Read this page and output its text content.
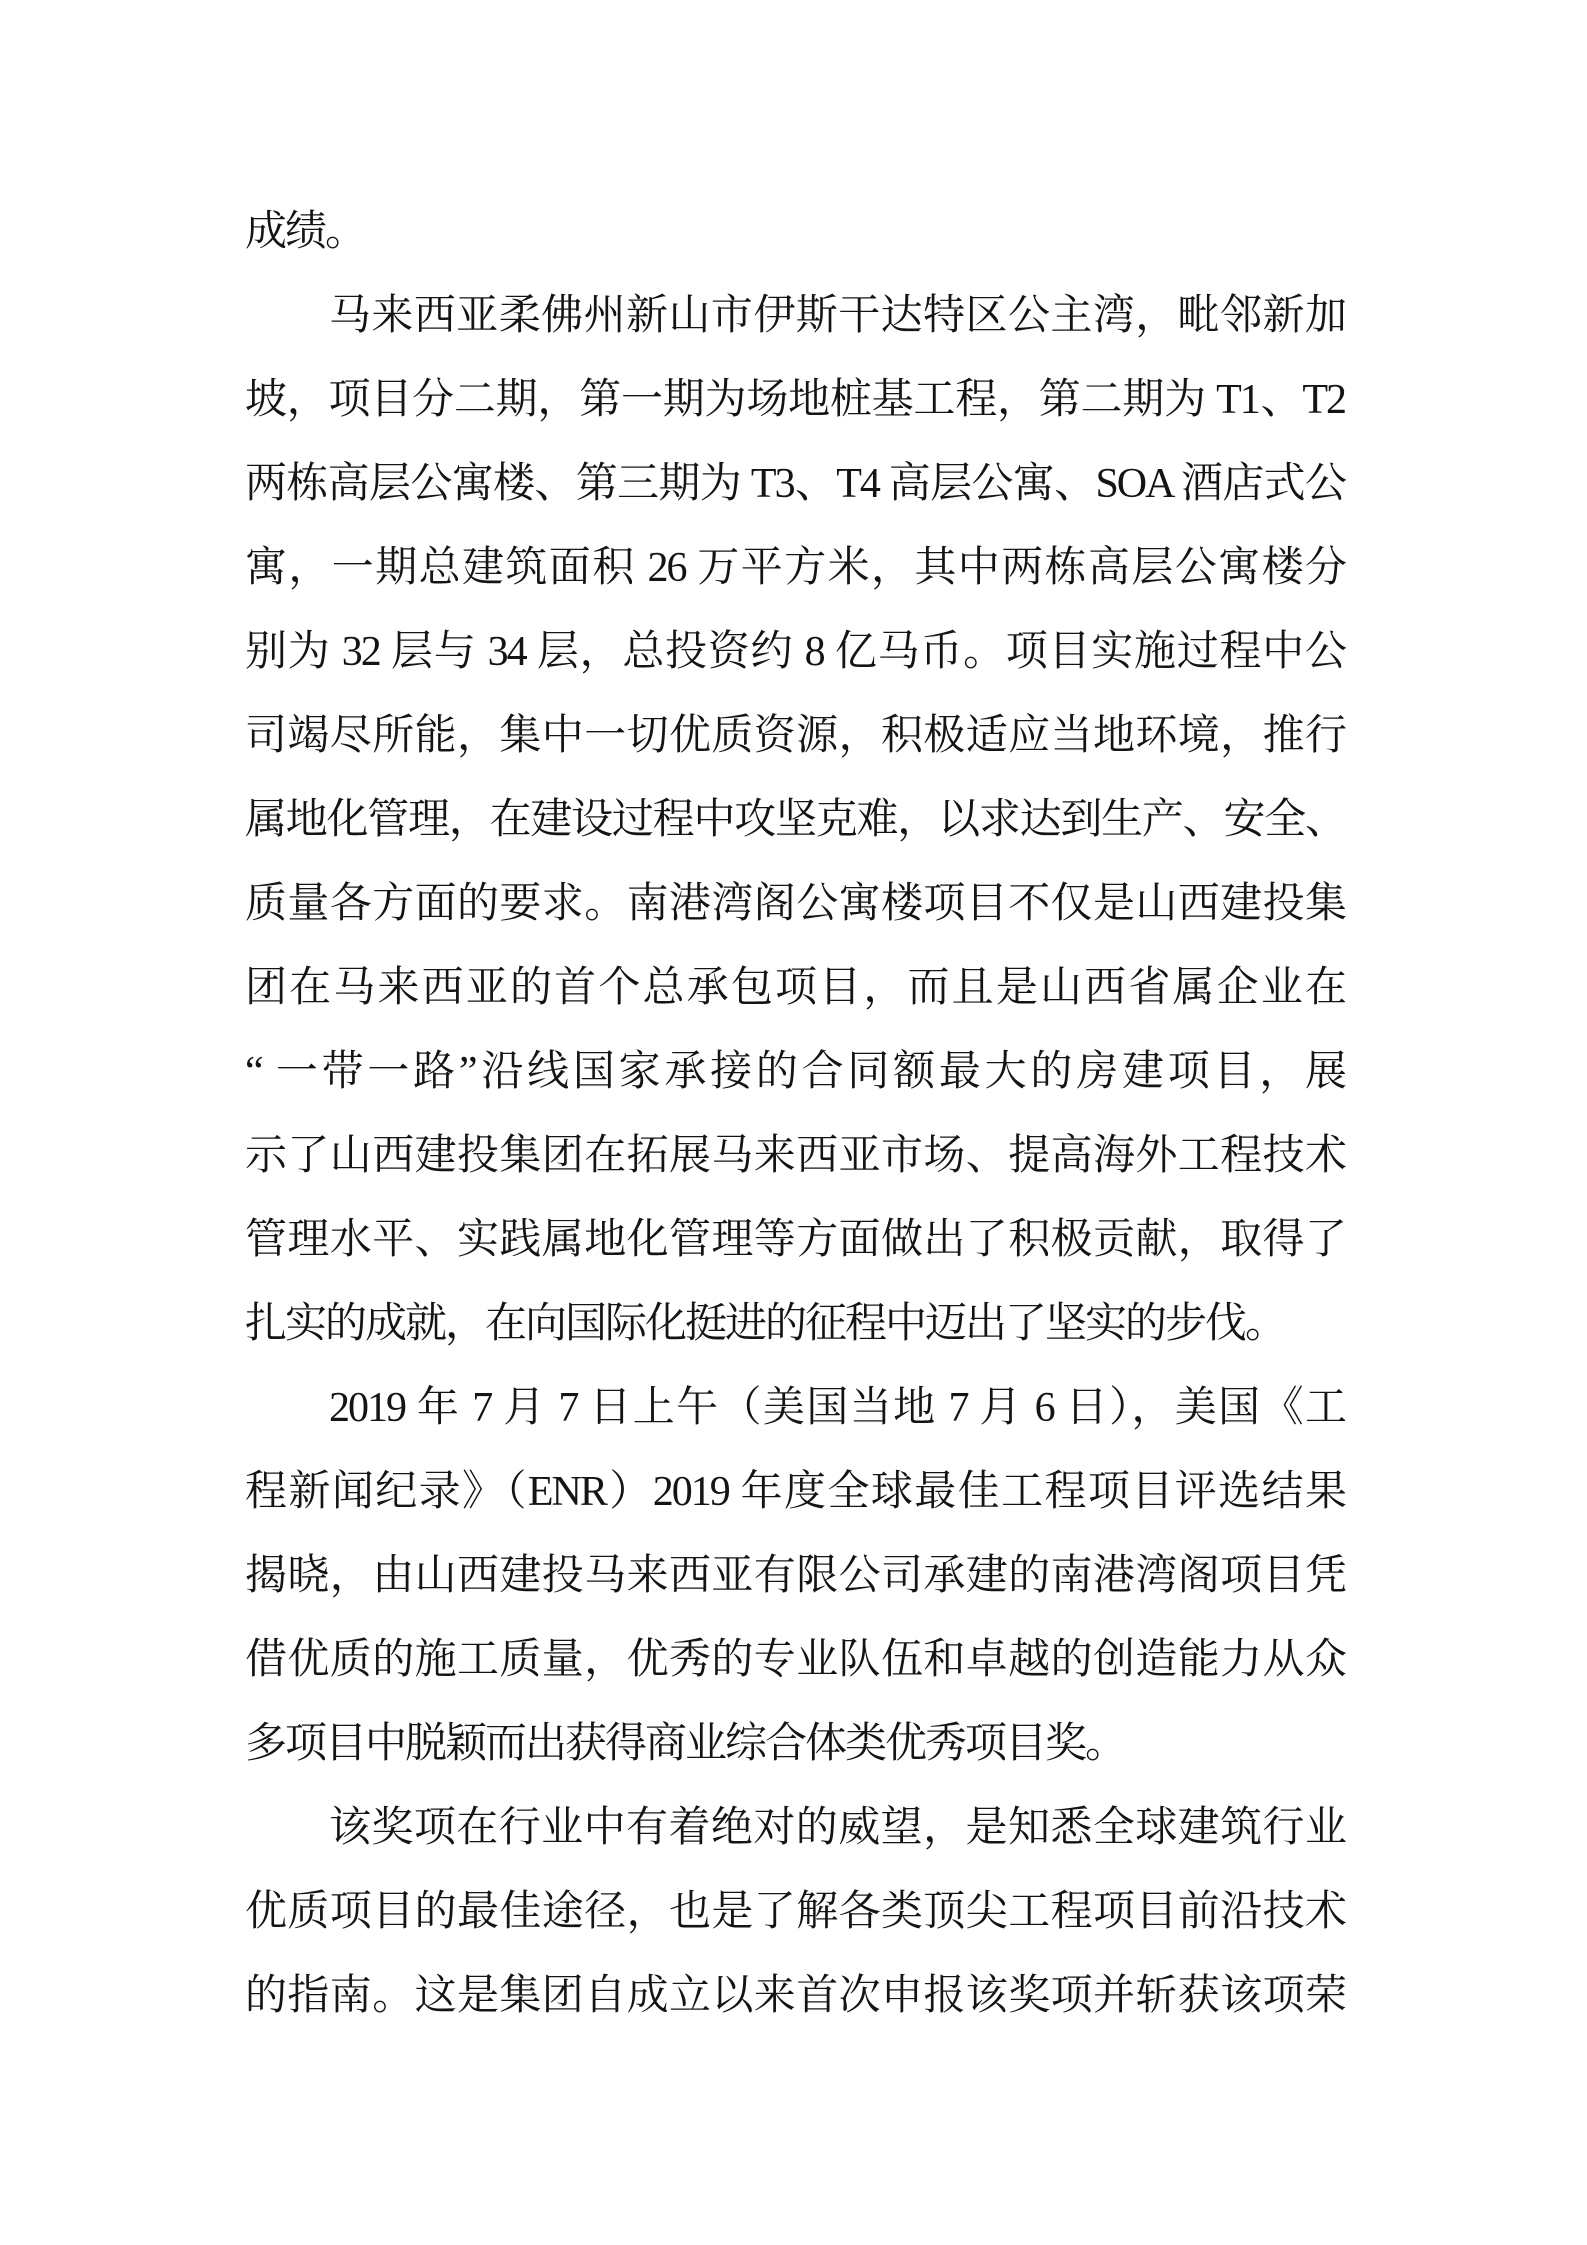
成绩。
马来西亚柔佛州新山市伊斯干达特区公主湾，毗邻新加
坡，项目分二期，第一期为场地桩基工程，第二期为 T1、T2
两栋高层公寓楼、第三期为 T3、T4 高层公寓、SOA 酒店式公
寓，一期总建筑面积 26 万平方米，其中两栋高层公寓楼分
别为 32 层与 34 层，总投资约 8 亿马币。项目实施过程中公
司竭尽所能，集中一切优质资源，积极适应当地环境，推行
属地化管理，在建设过程中攻坚克难，以求达到生产、安全、
质量各方面的要求。南港湾阁公寓楼项目不仅是山西建投集
团在马来西亚的首个总承包项目，而且是山西省属企业在
“ 一带一路”沿线国家承接的合同额最大的房建项目，展
示了山西建投集团在拓展马来西亚市场、提高海外工程技术
管理水平、实践属地化管理等方面做出了积极贡献，取得了
扎实的成就，在向国际化挺进的征程中迈出了坚实的步伐。
2019 年 7 月 7 日上午（美国当地 7 月 6 日），美国《工
程新闻纪录》（ENR）2019 年度全球最佳工程项目评选结果
揭晓，由山西建投马来西亚有限公司承建的南港湾阁项目凭
借优质的施工质量，优秀的专业队伍和卓越的创造能力从众
多项目中脱颖而出获得商业综合体类优秀项目奖。
该奖项在行业中有着绝对的威望，是知悉全球建筑行业
优质项目的最佳途径，也是了解各类顶尖工程项目前沿技术
的指南。这是集团自成立以来首次申报该奖项并斩获该项荣
